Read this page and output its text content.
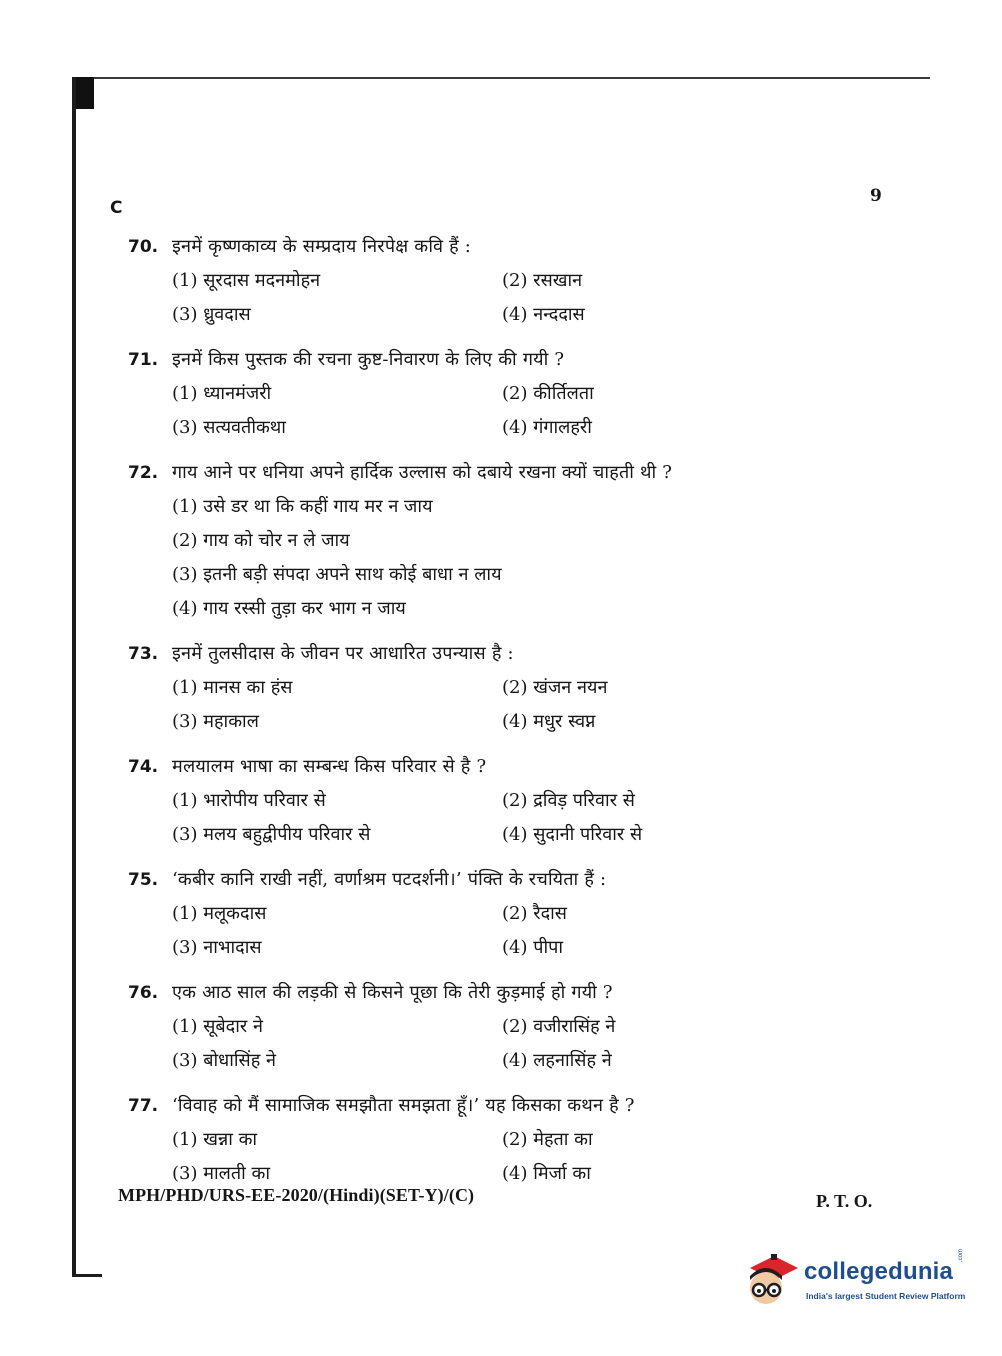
C
9
70. इनमें कृष्णकाव्य के सम्प्रदाय निरपेक्ष कवि हैं :
(1) सूरदास मदनमोहन	(2) रसखान
(3) ध्रुवदास	(4) नन्ददास
71. इनमें किस पुस्तक की रचना कुष्ट-निवारण के लिए की गयी ?
(1) ध्यानमंजरी	(2) कीर्तिलता
(3) सत्यवतीकथा	(4) गंगालहरी
72. गाय आने पर धनिया अपने हार्दिक उल्लास को दबाये रखना क्यों चाहती थी ?
(1) उसे डर था कि कहीं गाय मर न जाय
(2) गाय को चोर न ले जाय
(3) इतनी बड़ी संपदा अपने साथ कोई बाधा न लाय
(4) गाय रस्सी तुड़ा कर भाग न जाय
73. इनमें तुलसीदास के जीवन पर आधारित उपन्यास है :
(1) मानस का हंस	(2) खंजन नयन
(3) महाकाल	(4) मधुर स्वप्न
74. मलयालम भाषा का सम्बन्ध किस परिवार से है ?
(1) भारोपीय परिवार से	(2) द्रविड़ परिवार से
(3) मलय बहुद्वीपीय परिवार से	(4) सुदानी परिवार से
75. ‘कबीर कानि राखी नहीं, वर्णाश्रम पटदर्शनी।’ पंक्ति के रचयिता हैं :
(1) मलूकदास	(2) रैदास
(3) नाभादास	(4) पीपा
76. एक आठ साल की लड़की से किसने पूछा कि तेरी कुड़माई हो गयी ?
(1) सूबेदार ने	(2) वजीरासिंह ने
(3) बोधासिंह ने	(4) लहनासिंह ने
77. ‘विवाह को मैं सामाजिक समझौता समझता हूँ।’ यह किसका कथन है ?
(1) खन्ना का	(2) मेहता का
(3) मालती का	(4) मिर्जा का
MPH/PHD/URS-EE-2020/(Hindi)(SET-Y)/(C)	P. T. O.
collegedunia
.com
India's largest Student Review Platform
